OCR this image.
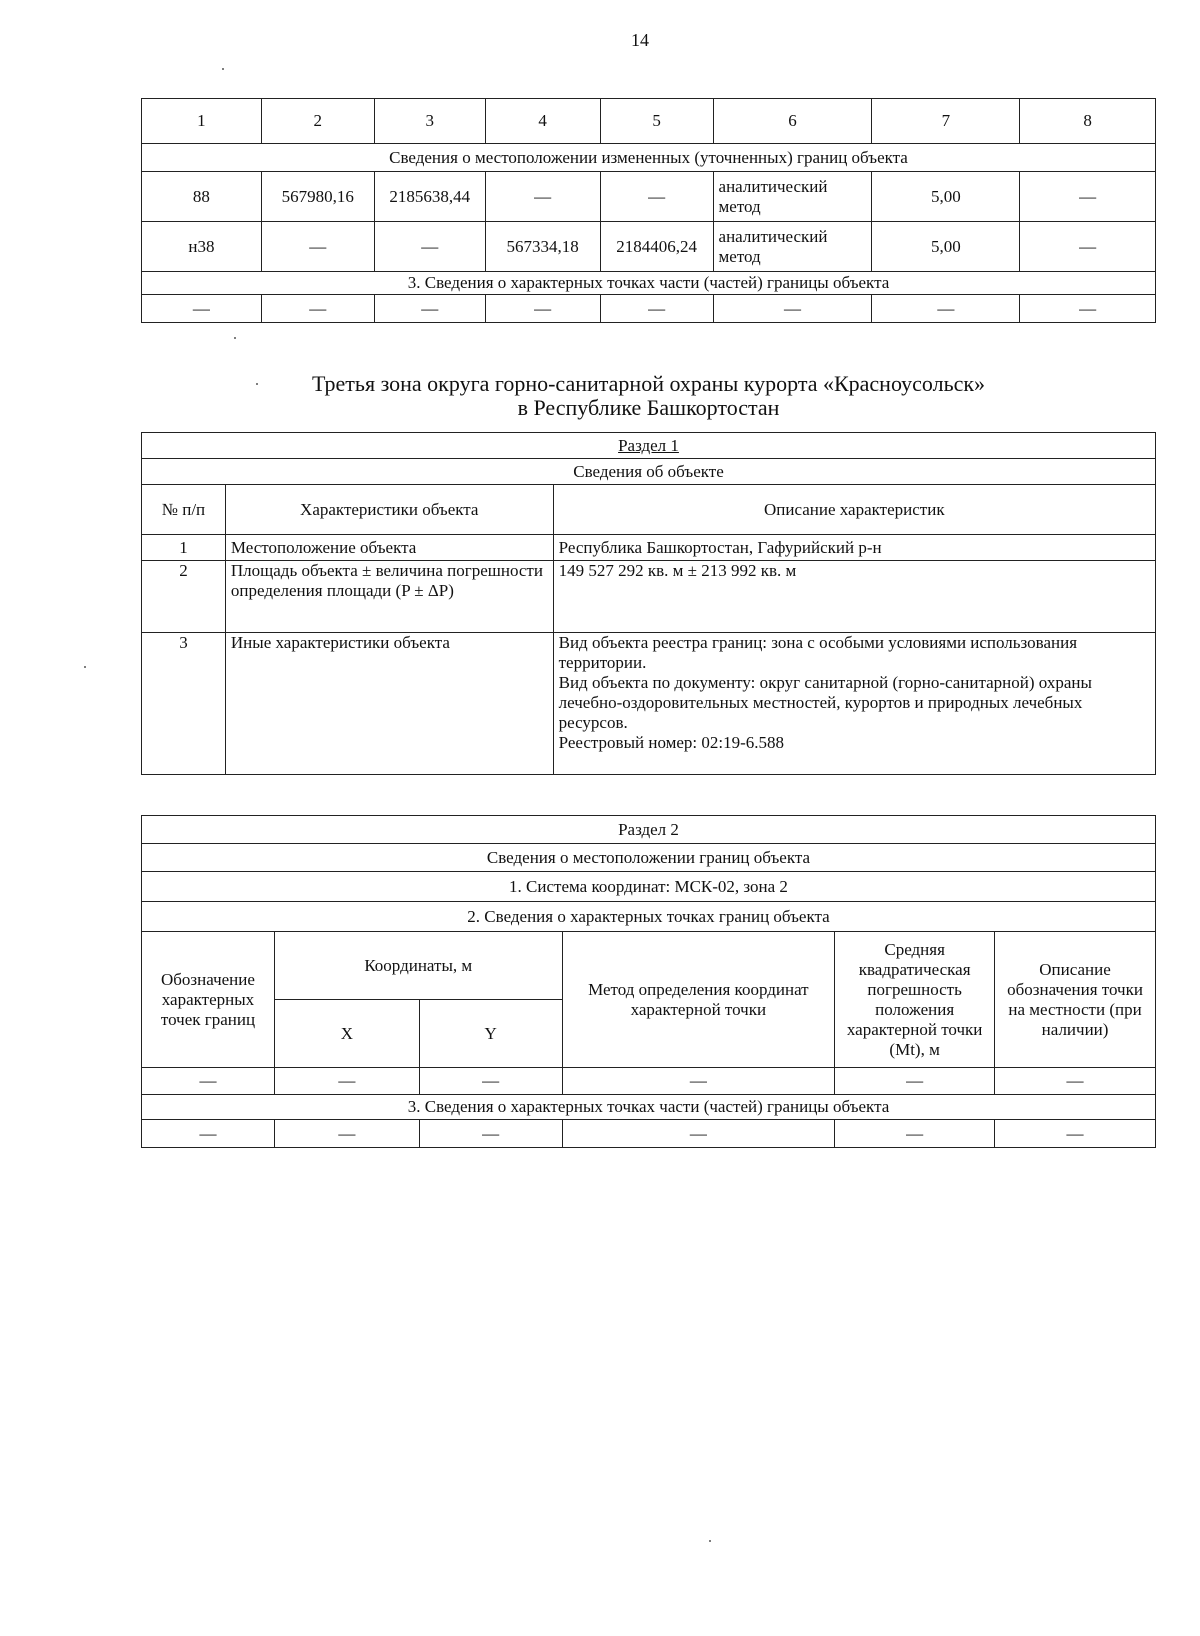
14
1	2	3	4	5	6	7	8
Сведения о местоположении измененных (уточненных) границ объекта							
88	567980,16	2185638,44	—	—	аналитический метод	5,00	—
н38	—	—	567334,18	2184406,24	аналитический метод	5,00	—
3. Сведения о характерных точках части (частей) границы объекта							
—	—	—	—	—	—	—	—
Третья зона округа горно-санитарной охраны курорта «Красноусольск»
в Республике Башкортостан
Раздел 1		
Сведения об объекте		
№ п/п	Характеристики объекта	Описание характеристик
1	Местоположение объекта	Республика Башкортостан, Гафурийский р-н
2	Площадь объекта ± величина погрешности определения площади (P ± ΔP)	149 527 292 кв. м ± 213 992 кв. м
3	Иные характеристики объекта	Вид объекта реестра границ: зона с особыми условиями использования территории.
Вид объекта по документу: округ санитарной (горно-санитарной) охраны лечебно-оздоровительных местностей, курортов и природных лечебных ресурсов.
Реестровый номер: 02:19-6.588
Раздел 2					
Сведения о местоположении границ объекта					
1. Система координат: МСК-02, зона 2					
2. Сведения о характерных точках границ объекта					
Обозначение характерных точек границ	Координаты, м		Метод определения координат характерной точки	Средняя квадратическая погрешность положения характерной точки (Mt), м	Описание обозначения точки на местности (при наличии)
	X	Y			
—	—	—	—	—	—
3. Сведения о характерных точках части (частей) границы объекта					
—	—	—	—	—	—
